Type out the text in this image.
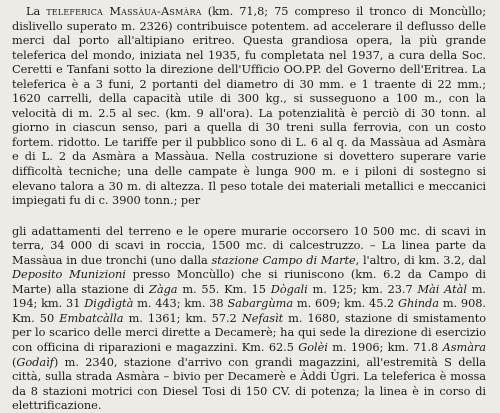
La teleferica Massàua-Asmàra (km. 71,8; 75 compreso il tronco di Moncùllo; dislivello superato m. 2326) contribuisce potentem. ad accelerare il deflusso delle merci dal porto all'altipiano eritreo. Questa grandiosa opera, la più grande teleferica del mondo, iniziata nel 1935, fu completata nel 1937, a cura della Soc. Ceretti e Tanfani sotto la direzione dell'Ufficio OO.PP. del Governo dell'Eritrea. La teleferica è a 3 funi, 2 portanti del diametro di 30 mm. e 1 traente di 22 mm.; 1620 carrelli, della capacità utile di 300 kg., si susseguono a 100 m., con la velocità di m. 2.5 al sec. (km. 9 all'ora). La potenzialità è perciò di 30 tonn. al giorno in ciascun senso, pari a quella di 30 treni sulla ferrovia, con un costo fortem. ridotto. Le tariffe per il pubblico sono di L. 6 al q. da Massàua ad Asmàra e di L. 2 da Asmàra a Massàua. Nella costruzione si dovettero superare varie difficoltà tecniche; una delle campate è lunga 900 m. e i piloni di sostegno si elevano talora a 30 m. di altezza. Il peso totale dei materiali metallici e meccanici impiegati fu di c. 3900 tonn.; per

gli adattamenti del terreno e le opere murarie occorsero 10 500 mc. di scavi in terra, 34 000 di scavi in roccia, 1500 mc. di calcestruzzo. – La linea parte da Massàua in due tronchi (uno dalla stazione Campo di Marte, l'altro, di km. 3.2, dal Deposito Munizioni presso Moncùllo) che si riuniscono (km. 6.2 da Campo di Marte) alla stazione di Zàga m. 55. Km. 15 Dògali m. 125; km. 23.7 Mài Atàl m. 194; km. 31 Digdìgtà m. 443; km. 38 Sabargùma m. 609; km. 45.2 Ghinda m. 908. Km. 50 Embatcàlla m. 1361; km. 57.2 Nefasìt m. 1680, stazione di smistamento per lo scarico delle merci dirette a Decamerè; ha qui sede la direzione di esercizio con officina di riparazioni e magazzini. Km. 62.5 Golèi m. 1906; km. 71.8 Asmàra (Godaìf) m. 2340, stazione d'arrivo con grandi magazzini, all'estremità S della città, sulla strada Asmàra – bivio per Decamerè e Àddi Ùgri. La teleferica è mossa da 8 stazioni motrici con Diesel Tosi di 150 CV. di potenza; la linea è in corso di elettrificazione.
